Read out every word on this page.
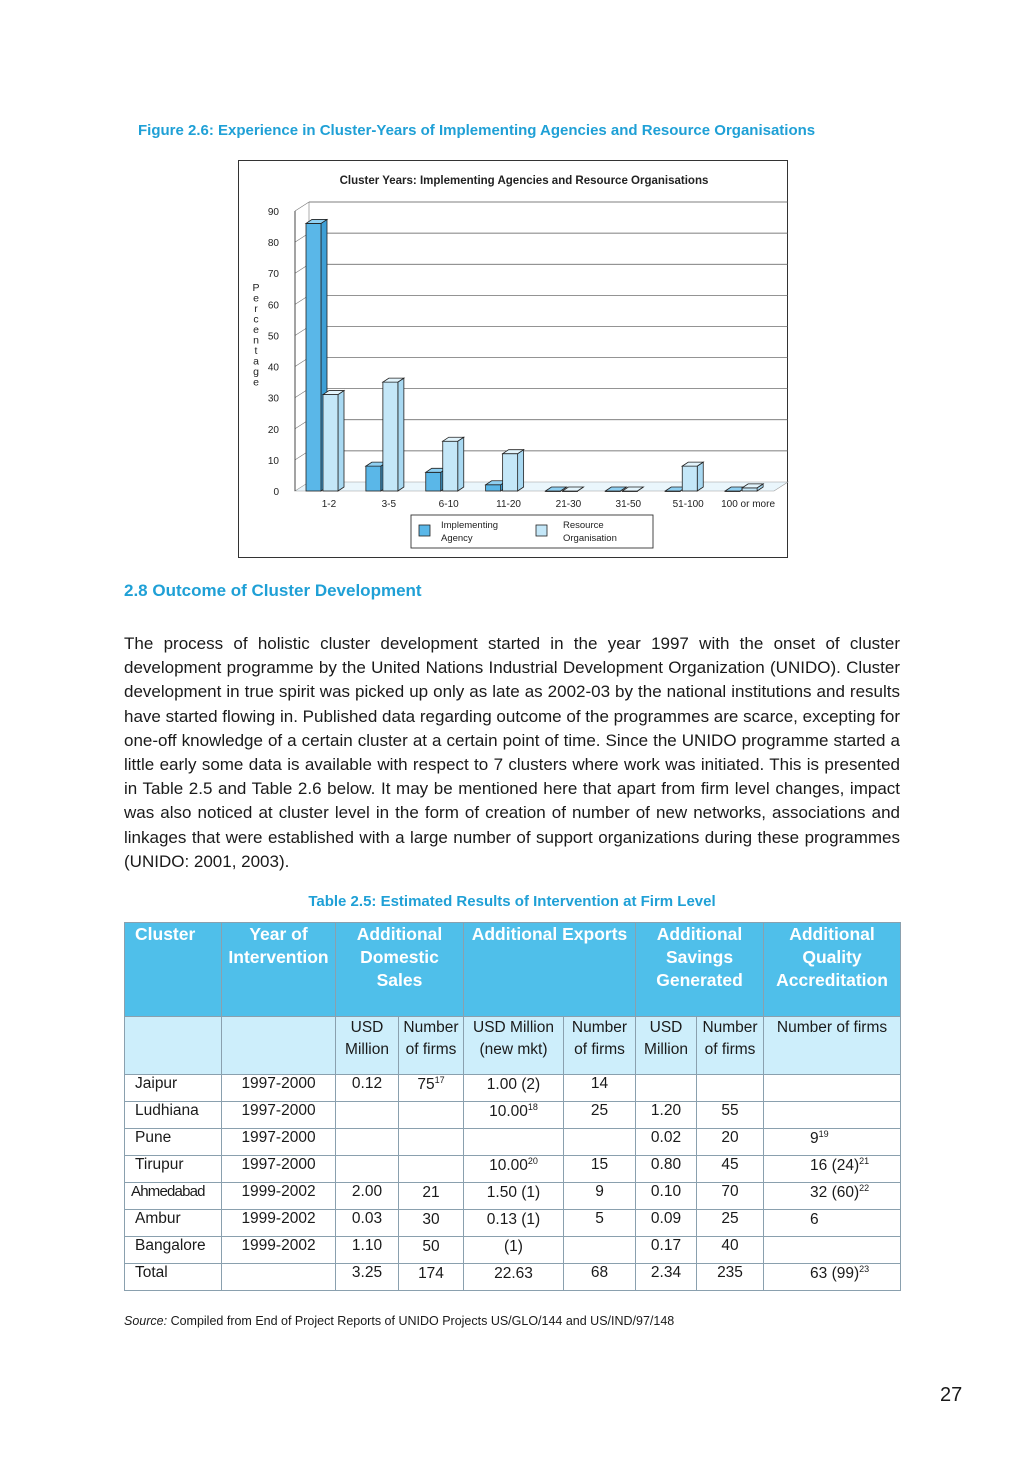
Figure 2.6: Experience in Cluster-Years of Implementing Agencies and Resource Organisations
Cluster Years: Implementing Agencies and Resource Organisations
0
10
20
30
40
50
60
70
80
90
P
e
r
c
e
n
t
a
g
e
1-2	3-5	6-10	11-20	21-30	31-50	51-100 100 or more
Implementing
Agency
Resource
Organisation
2.8 Outcome of Cluster Development

The process of holistic cluster development started in the year 1997 with the onset of cluster development programme by the United Nations Industrial Development Organization (UNIDO). Cluster development in true spirit was picked up only as late as 2002-03 by the national institutions and results have started flowing in. Published data regarding outcome of the programmes are scarce, excepting for one-off knowledge of a certain cluster at a certain point of time. Since the UNIDO programme started a little early some data is available with respect to 7 clusters where work was initiated. This is presented in Table 2.5 and Table 2.6 below. It may be mentioned here that apart from firm level changes, impact was also noticed at cluster level in the form of creation of number of new networks, associations and linkages that were established with a large number of support organizations during these programmes (UNIDO: 2001, 2003).

Table 2.5: Estimated Results of Intervention at Firm Level
Cluster	Year of Intervention	Additional Domestic Sales		Additional Exports		Additional Savings Generated		Additional Quality Accreditation
		USD Million	Number of firms	USD Million (new mkt)	Number of firms	USD Million	Number of firms	Number of firms
Jaipur	1997-2000	0.12	$75^{17}$	1.00 (2)	14			
Ludhiana	1997-2000			10.00$^{18}$	25	1.20	55	
Pune	1997-2000					0.02	20	$9^{19}$
Tirupur	1997-2000			10.00$^{20}$	15	0.80	45	16 $(24)^{21}$
Ahmedabad	1999-2002	2.00	21	1.50 (1)	9	0.10	70	32 $(60)^{22}$
Ambur	1999-2002	0.03	30	0.13 (1)	5	0.09	25	6
Bangalore	1999-2002	1.10	50	(1)		0.17	40	
Total		3.25	174	22.63	68	2.34	235	63 $(99)^{23}$
Source: Compiled from End of Project Reports of UNIDO Projects US/GLO/144 and US/IND/97/148
27
